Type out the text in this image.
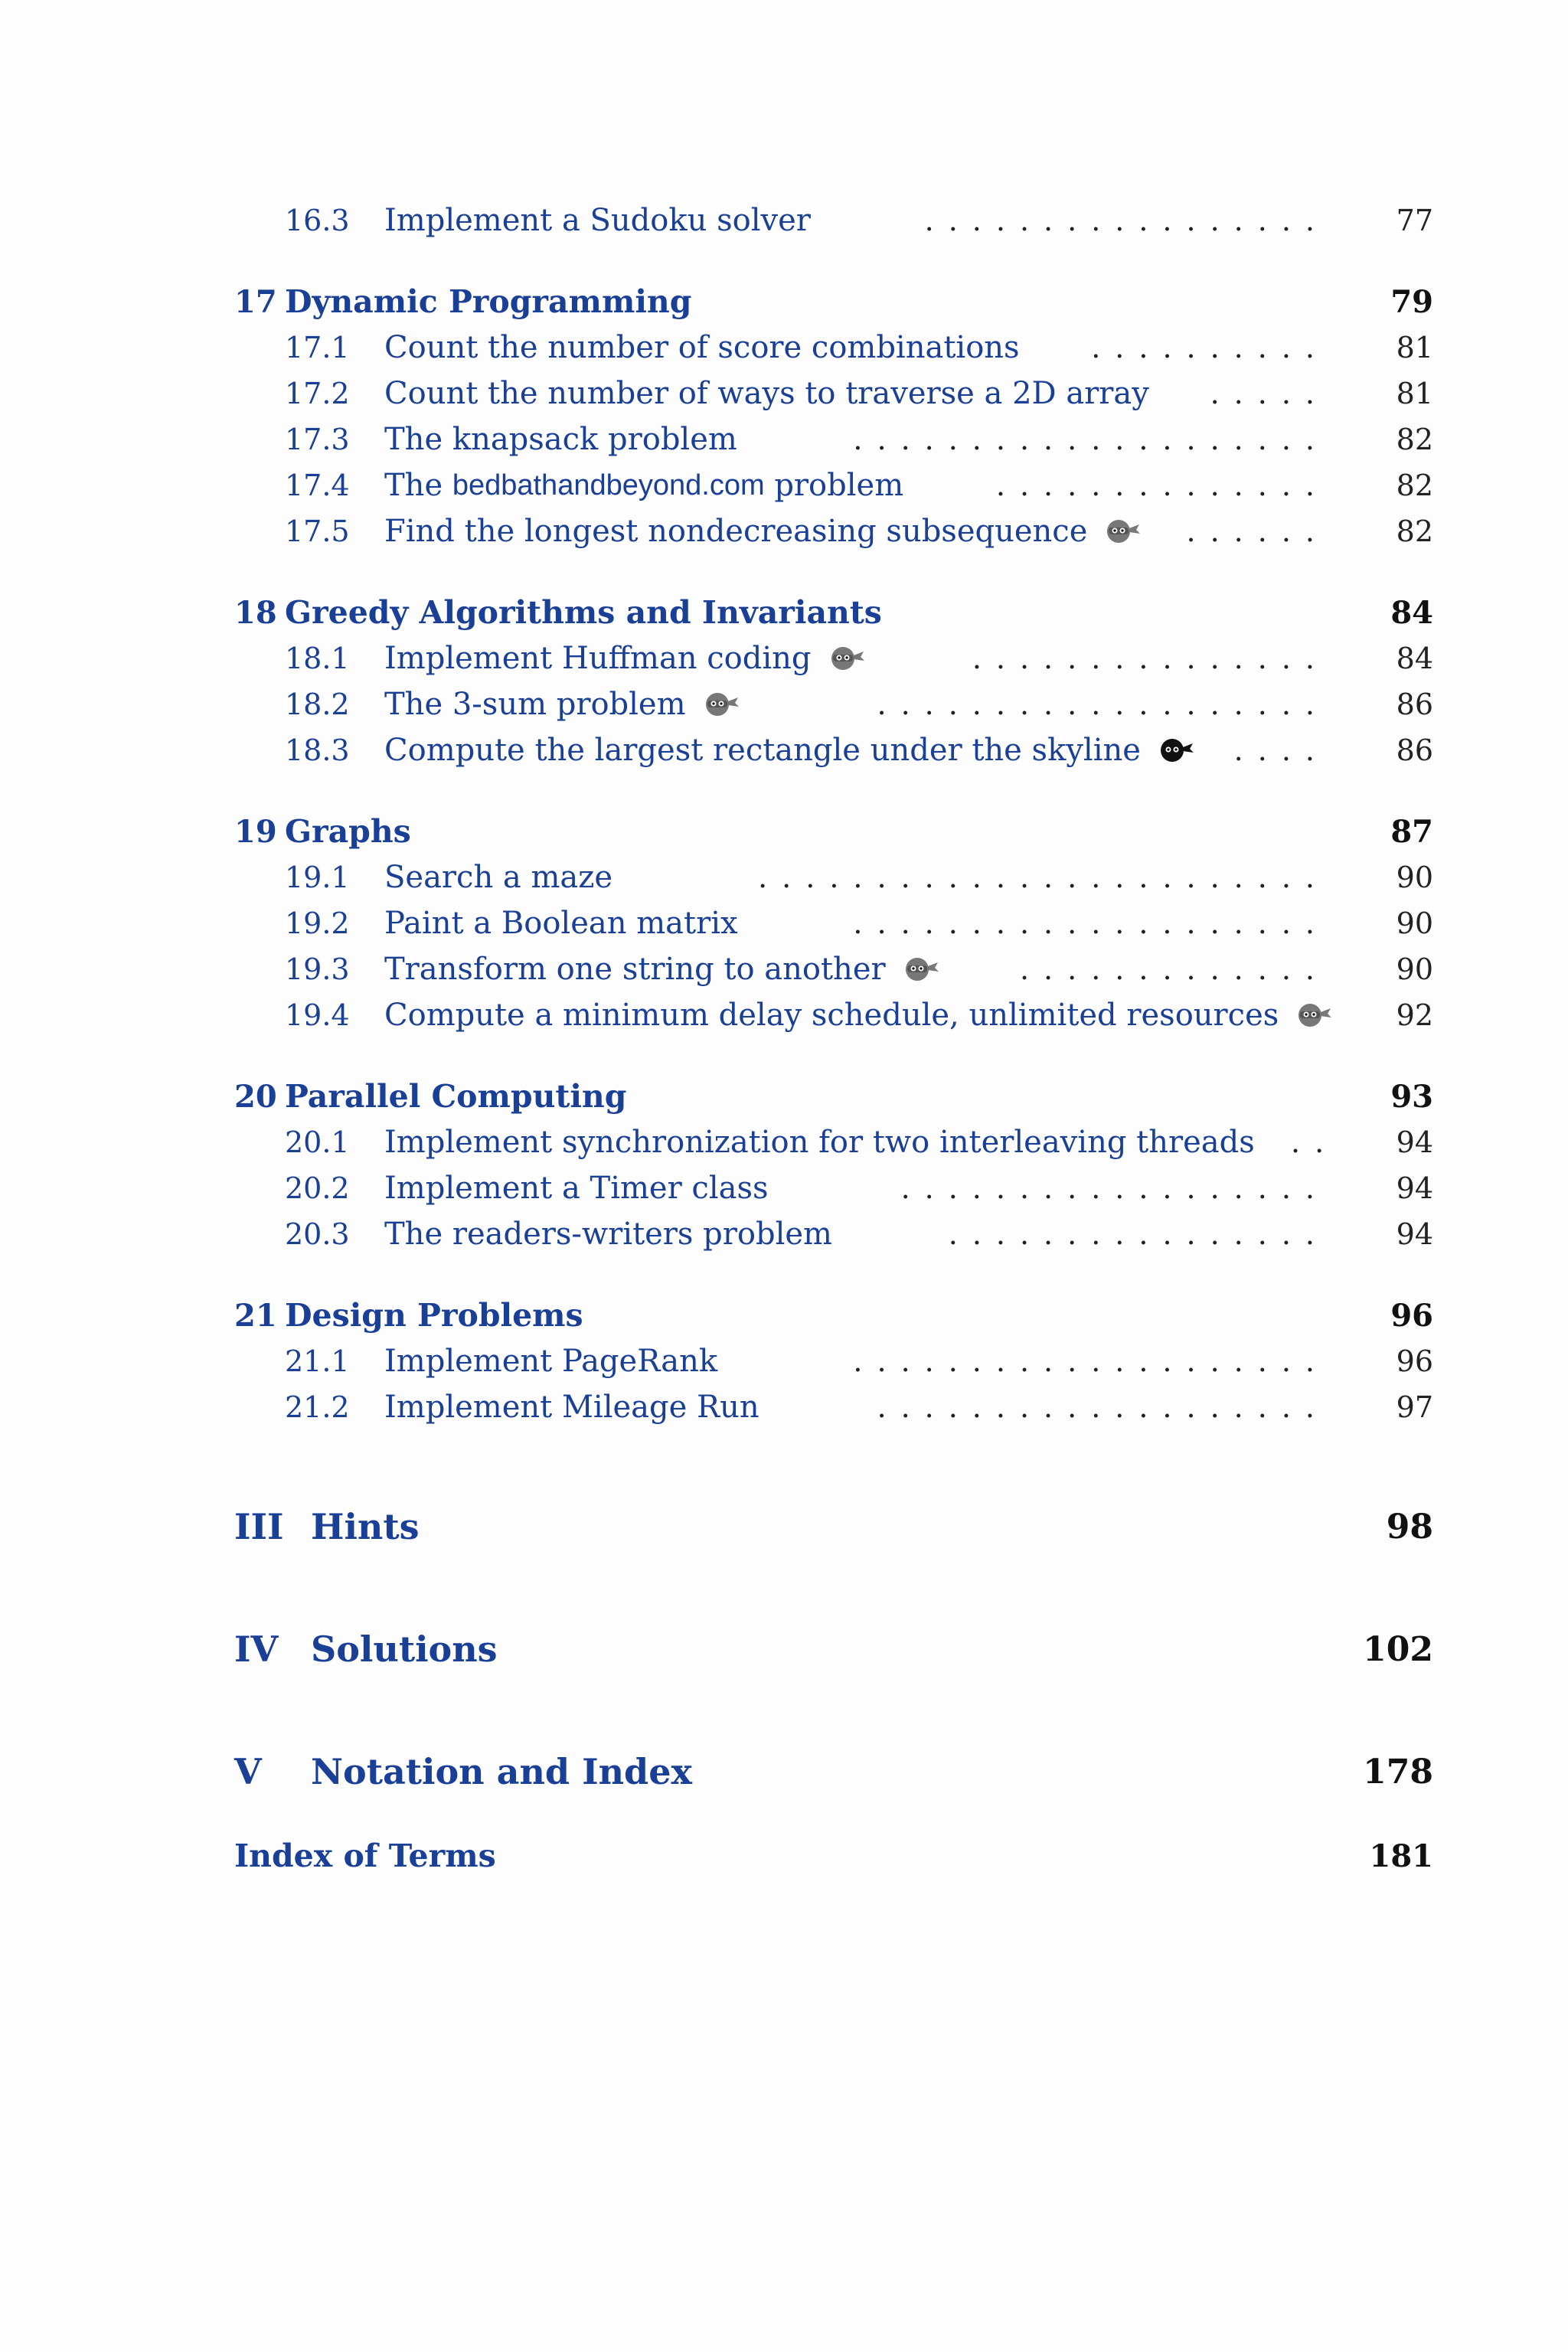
16.3 Implement a Sudoku solver	................. 77
17 Dynamic Programming	79
17.1 Count the number of score combinations	.......... 81
17.2 Count the number of ways to traverse a 2D array ..... 81
17.3 The knapsack problem	.................... 82
17.4 The bedbathandbeyond.com problem	.............. 82
17.5 Find the longest nondecreasing subsequence	...... 82
18 Greedy Algorithms and Invariants	84
18.1 Implement Huffman coding	............... 84
18.2 The 3-sum problem	................... 86
18.3 Compute the largest rectangle under the skyline	.... 86
19 Graphs	87
19.1 Search a maze	........................ 90
19.2 Paint a Boolean matrix	.................... 90
19.3 Transform one string to another	............. 90
19.4 Compute a minimum delay schedule, unlimited resources	92
20 Parallel Computing	93
20.1 Implement synchronization for two interleaving threads .. 94
20.2 Implement a Timer class	.................. 94
20.3 The readers-writers problem	................ 94
21 Design Problems	96
21.1 Implement PageRank	.................... 96
21.2 Implement Mileage Run	................... 97
III Hints	98
IV Solutions	102
V Notation and Index	178
Index of Terms	181
